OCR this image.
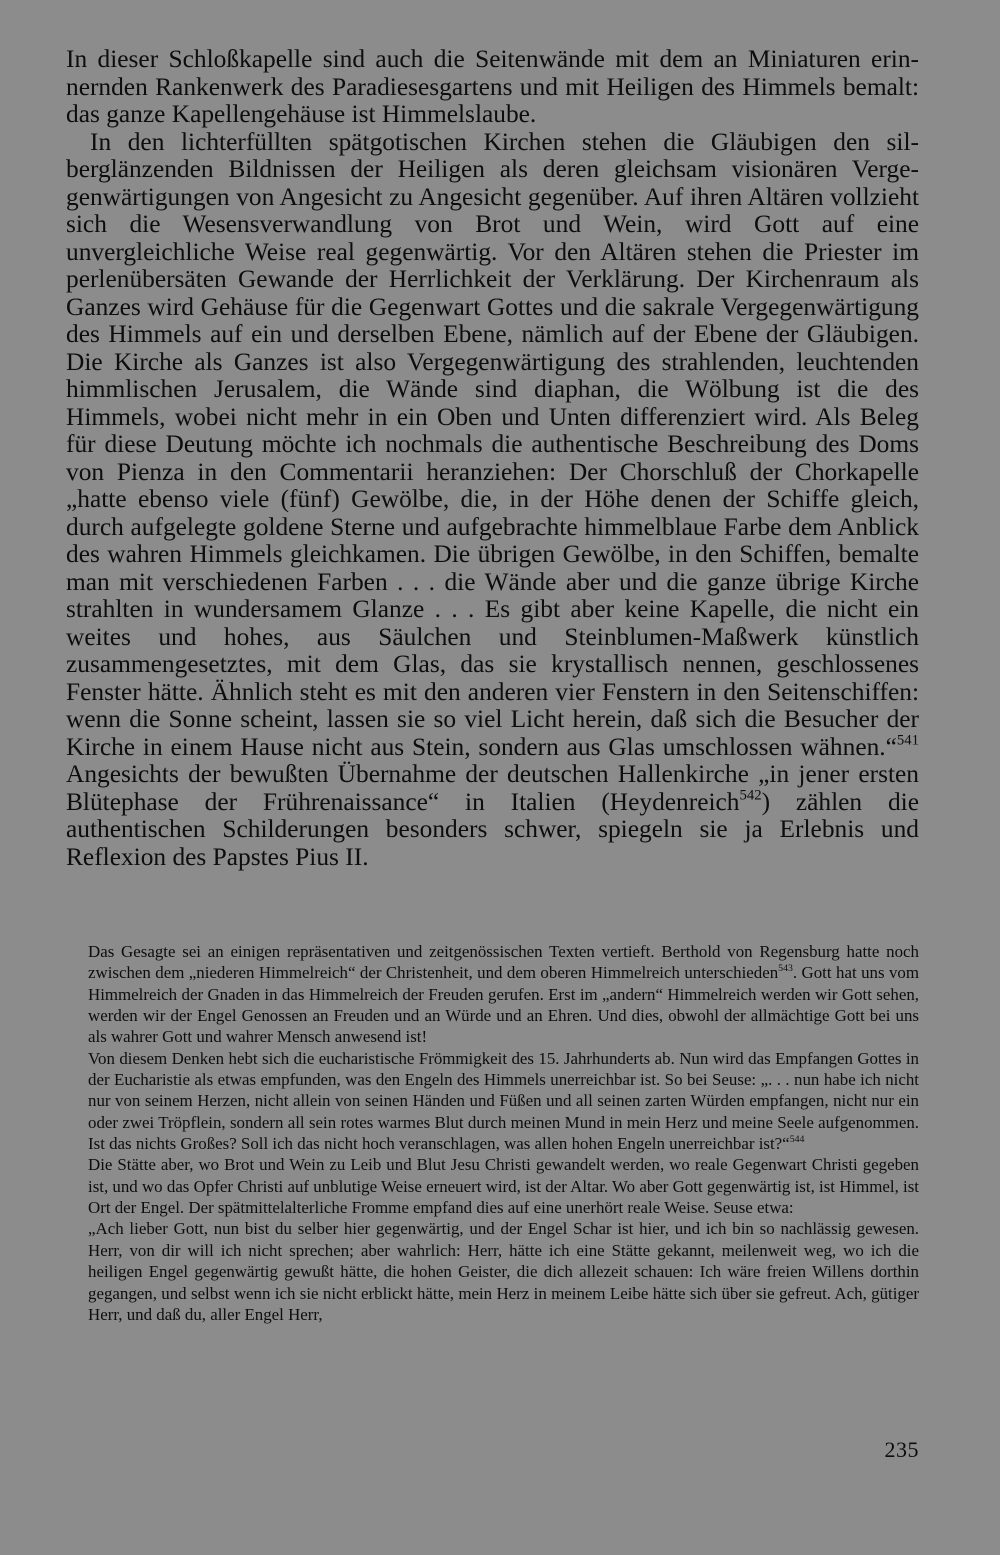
In dieser Schloßkapelle sind auch die Seitenwände mit dem an Miniaturen erinnernden Rankenwerk des Paradiesesgartens und mit Heiligen des Himmels bemalt: das ganze Kapellengehäuse ist Himmelslaube.

In den lichterfüllten spätgotischen Kirchen stehen die Gläubigen den silberglänzenden Bildnissen der Heiligen als deren gleichsam visionären Vergegenwärtigungen von Angesicht zu Angesicht gegenüber. Auf ihren Altären vollzieht sich die Wesensverwandlung von Brot und Wein, wird Gott auf eine unvergleichliche Weise real gegenwärtig. Vor den Altären stehen die Priester im perlenübersäten Gewande der Herrlichkeit der Verklärung. Der Kirchenraum als Ganzes wird Gehäuse für die Gegenwart Gottes und die sakrale Vergegenwärtigung des Himmels auf ein und derselben Ebene, nämlich auf der Ebene der Gläubigen. Die Kirche als Ganzes ist also Vergegenwärtigung des strahlenden, leuchtenden himmlischen Jerusalem, die Wände sind diaphan, die Wölbung ist die des Himmels, wobei nicht mehr in ein Oben und Unten differenziert wird. Als Beleg für diese Deutung möchte ich nochmals die authentische Beschreibung des Doms von Pienza in den Commentarii heranziehen: Der Chorschluß der Chorkapelle „hatte ebenso viele (fünf) Gewölbe, die, in der Höhe denen der Schiffe gleich, durch aufgelegte goldene Sterne und aufgebrachte himmelblaue Farbe dem Anblick des wahren Himmels gleichkamen. Die übrigen Gewölbe, in den Schiffen, bemalte man mit verschiedenen Farben . . . die Wände aber und die ganze übrige Kirche strahlten in wundersamem Glanze . . . Es gibt aber keine Kapelle, die nicht ein weites und hohes, aus Säulchen und Steinblumen-Maßwerk künstlich zusammengesetztes, mit dem Glas, das sie krystallisch nennen, geschlossenes Fenster hätte. Ähnlich steht es mit den anderen vier Fenstern in den Seitenschiffen: wenn die Sonne scheint, lassen sie so viel Licht herein, daß sich die Besucher der Kirche in einem Hause nicht aus Stein, sondern aus Glas umschlossen wähnen.“$^{541}$ Angesichts der bewußten Übernahme der deutschen Hallenkirche „in jener ersten Blütephase der Frührenaissance“ in Italien (Heydenreich$^{542}$) zählen die authentischen Schilderungen besonders schwer, spiegeln sie ja Erlebnis und Reflexion des Papstes Pius II.

Das Gesagte sei an einigen repräsentativen und zeitgenössischen Texten vertieft. Berthold von Regensburg hatte noch zwischen dem „niederen Himmelreich“ der Christenheit, und dem oberen Himmelreich unterschieden$^{543}$. Gott hat uns vom Himmelreich der Gnaden in das Himmelreich der Freuden gerufen. Erst im „andern“ Himmelreich werden wir Gott sehen, werden wir der Engel Genossen an Freuden und an Würde und an Ehren. Und dies, obwohl der allmächtige Gott bei uns als wahrer Gott und wahrer Mensch anwesend ist!

Von diesem Denken hebt sich die eucharistische Frömmigkeit des 15. Jahrhunderts ab. Nun wird das Empfangen Gottes in der Eucharistie als etwas empfunden, was den Engeln des Himmels unerreichbar ist. So bei Seuse: „. . . nun habe ich nicht nur von seinem Herzen, nicht allein von seinen Händen und Füßen und all seinen zarten Würden empfangen, nicht nur ein oder zwei Tröpflein, sondern all sein rotes warmes Blut durch meinen Mund in mein Herz und meine Seele aufgenommen. Ist das nichts Großes? Soll ich das nicht hoch veranschlagen, was allen hohen Engeln unerreichbar ist?“$^{544}$

Die Stätte aber, wo Brot und Wein zu Leib und Blut Jesu Christi gewandelt werden, wo reale Gegenwart Christi gegeben ist, und wo das Opfer Christi auf unblutige Weise erneuert wird, ist der Altar. Wo aber Gott gegenwärtig ist, ist Himmel, ist Ort der Engel. Der spätmittelalterliche Fromme empfand dies auf eine unerhört reale Weise. Seuse etwa:

„Ach lieber Gott, nun bist du selber hier gegenwärtig, und der Engel Schar ist hier, und ich bin so nachlässig gewesen. Herr, von dir will ich nicht sprechen; aber wahrlich: Herr, hätte ich eine Stätte gekannt, meilenweit weg, wo ich die heiligen Engel gegenwärtig gewußt hätte, die hohen Geister, die dich allezeit schauen: Ich wäre freien Willens dorthin gegangen, und selbst wenn ich sie nicht erblickt hätte, mein Herz in meinem Leibe hätte sich über sie gefreut. Ach, gütiger Herr, und daß du, aller Engel Herr,

235
